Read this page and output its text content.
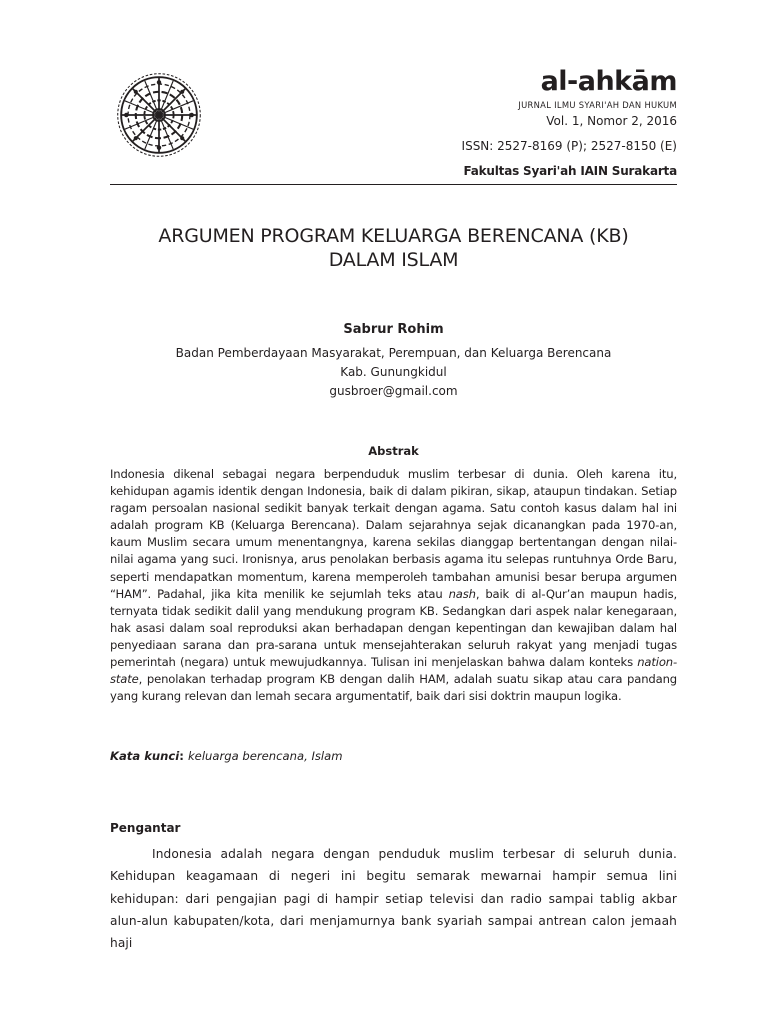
al-ahkām
JURNAL ILMU SYARI'AH DAN HUKUM
Vol. 1, Nomor 2, 2016
ISSN: 2527-8169 (P); 2527-8150 (E)
Fakultas Syari'ah IAIN Surakarta
ARGUMEN PROGRAM KELUARGA BERENCANA (KB)
DALAM ISLAM
Sabrur Rohim
Badan Pemberdayaan Masyarakat, Perempuan, dan Keluarga Berencana
Kab. Gunungkidul
gusbroer@gmail.com
Abstrak

Indonesia dikenal sebagai negara berpenduduk muslim terbesar di dunia. Oleh karena itu, kehidupan agamis identik dengan Indonesia, baik di dalam pikiran, sikap, ataupun tindakan. Setiap ragam persoalan nasional sedikit banyak terkait dengan agama. Satu contoh kasus dalam hal ini adalah program KB (Keluarga Berencana). Dalam sejarahnya sejak dicanangkan pada 1970-an, kaum Muslim secara umum menentangnya, karena sekilas dianggap bertentangan dengan nilai-nilai agama yang suci. Ironisnya, arus penolakan berbasis agama itu selepas runtuhnya Orde Baru, seperti mendapatkan momentum, karena memperoleh tambahan amunisi besar berupa argumen “HAM”. Padahal, jika kita menilik ke sejumlah teks atau nash, baik di al-Qur’an maupun hadis, ternyata tidak sedikit dalil yang mendukung program KB. Sedangkan dari aspek nalar kenegaraan, hak asasi dalam soal reproduksi akan berhadapan dengan kepentingan dan kewajiban dalam hal penyediaan sarana dan pra-sarana untuk mensejahterakan seluruh rakyat yang menjadi tugas pemerintah (negara) untuk mewujudkannya. Tulisan ini menjelaskan bahwa dalam konteks nation-state, penolakan terhadap program KB dengan dalih HAM, adalah suatu sikap atau cara pandang yang kurang relevan dan lemah secara argumentatif, baik dari sisi doktrin maupun logika.

Kata kunci: keluarga berencana, Islam

Pengantar

Indonesia adalah negara dengan penduduk muslim terbesar di seluruh dunia. Kehidupan keagamaan di negeri ini begitu semarak mewarnai hampir semua lini kehidupan: dari pengajian pagi di hampir setiap televisi dan radio sampai tablig akbar alun-alun kabupaten/kota, dari menjamurnya bank syariah sampai antrean calon jemaah haji
